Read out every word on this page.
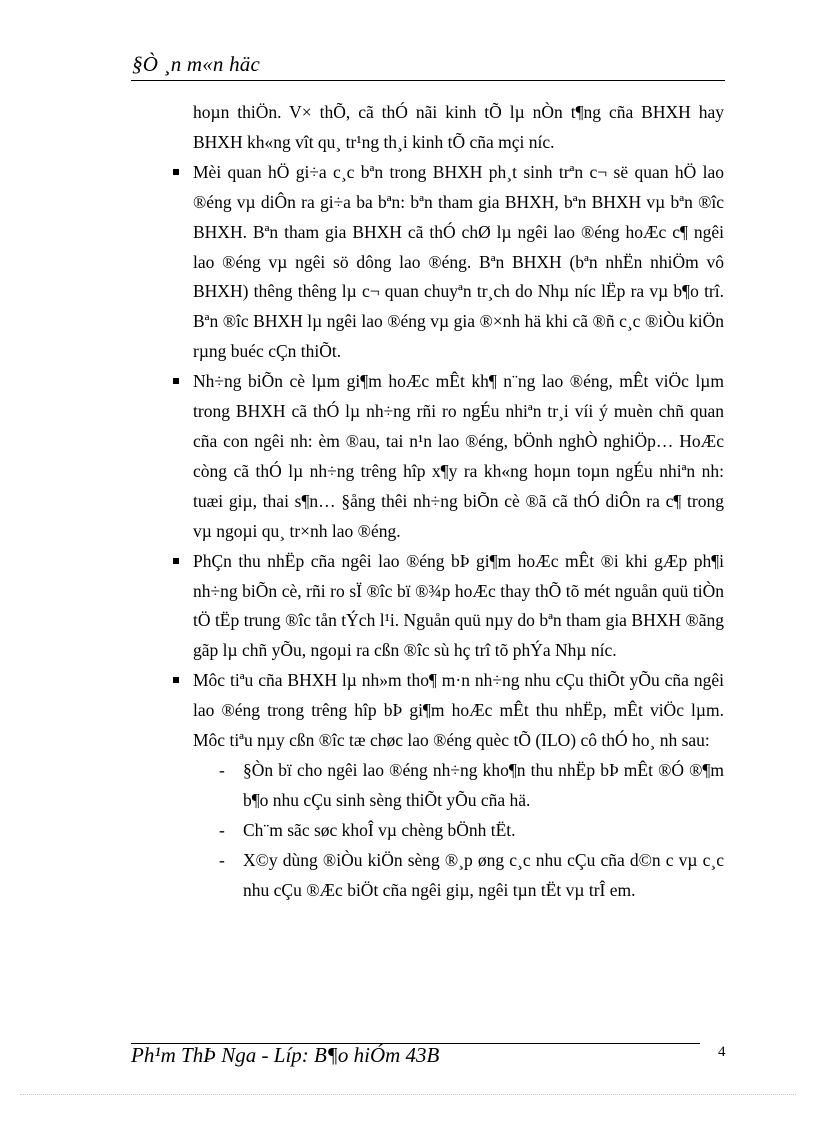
§Ò ¸n m«n häc
hoµn thiÖn. V× thÕ, cã thÓ nãi kinh tÕ lµ nÒn t¶ng cña BHXH hay BHXH kh«ng vît qu¸ tr¹ng th¸i kinh tÕ cña mçi níc.
Mèi quan hÖ gi÷a c¸c bªn trong BHXH ph¸t sinh trªn c¬ së quan hÖ lao ®éng vµ diÔn ra gi÷a ba bªn: bªn tham gia BHXH, bªn BHXH vµ bªn ®îc BHXH. Bªn tham gia BHXH cã thÓ chØ lµ ngêi lao ®éng hoÆc c¶ ngêi lao ®éng vµ ngêi sö dông lao ®éng. Bªn BHXH (bªn nhËn nhiÖm vô BHXH) thêng thêng lµ c¬ quan chuyªn tr¸ch do Nhµ níc lËp ra vµ b¶o trî. Bªn ®îc BHXH lµ ngêi lao ®éng vµ gia ®×nh hä khi cã ®ñ c¸c ®iÒu kiÖn rµng buéc cÇn thiÕt.
Nh÷ng biÕn cè lµm gi¶m hoÆc mÊt kh¶ n¨ng lao ®éng, mÊt viÖc lµm trong BHXH cã thÓ lµ nh÷ng rñi ro ngÉu nhiªn tr¸i víi ý muèn chñ quan cña con ngêi nh: èm ®au, tai n¹n lao ®éng, bÖnh nghÒ nghiÖp… HoÆc còng cã thÓ lµ nh÷ng trêng hîp x¶y ra kh«ng hoµn toµn ngÉu nhiªn nh: tuæi giµ, thai s¶n… §ång thêi nh÷ng biÕn cè ®ã cã thÓ diÔn ra c¶ trong vµ ngoµi qu¸ tr×nh lao ®éng.
PhÇn thu nhËp cña ngêi lao ®éng bÞ gi¶m hoÆc mÊt ®i khi gÆp ph¶i nh÷ng biÕn cè, rñi ro sÏ ®îc bï ®¾p hoÆc thay thÕ tõ mét nguån quü tiÒn tÖ tËp trung ®îc tån tÝch l¹i. Nguån quü nµy do bªn tham gia BHXH ®ãng gãp lµ chñ yÕu, ngoµi ra cßn ®îc sù hç trî tõ phÝa Nhµ níc.
Môc tiªu cña BHXH lµ nh»m tho¶ m·n nh÷ng nhu cÇu thiÕt yÕu cña ngêi lao ®éng trong trêng hîp bÞ gi¶m hoÆc mÊt thu nhËp, mÊt viÖc lµm. Môc tiªu nµy cßn ®îc tæ chøc lao ®éng quèc tÕ (ILO) cô thÓ ho¸ nh sau:
- §Òn bï cho ngêi lao ®éng nh÷ng kho¶n thu nhËp bÞ mÊt ®Ó ®¶m b¶o nhu cÇu sinh sèng thiÕt yÕu cña hä.
- Ch¨m sãc søc khoÎ vµ chèng bÖnh tËt.
- X©y dùng ®iÒu kiÖn sèng ®¸p øng c¸c nhu cÇu cña d©n c vµ c¸c nhu cÇu ®Æc biÖt cña ngêi giµ, ngêi tµn tËt vµ trÎ em.
Ph¹m ThÞ Nga - Líp: B¶o hiÓm 43B	4
